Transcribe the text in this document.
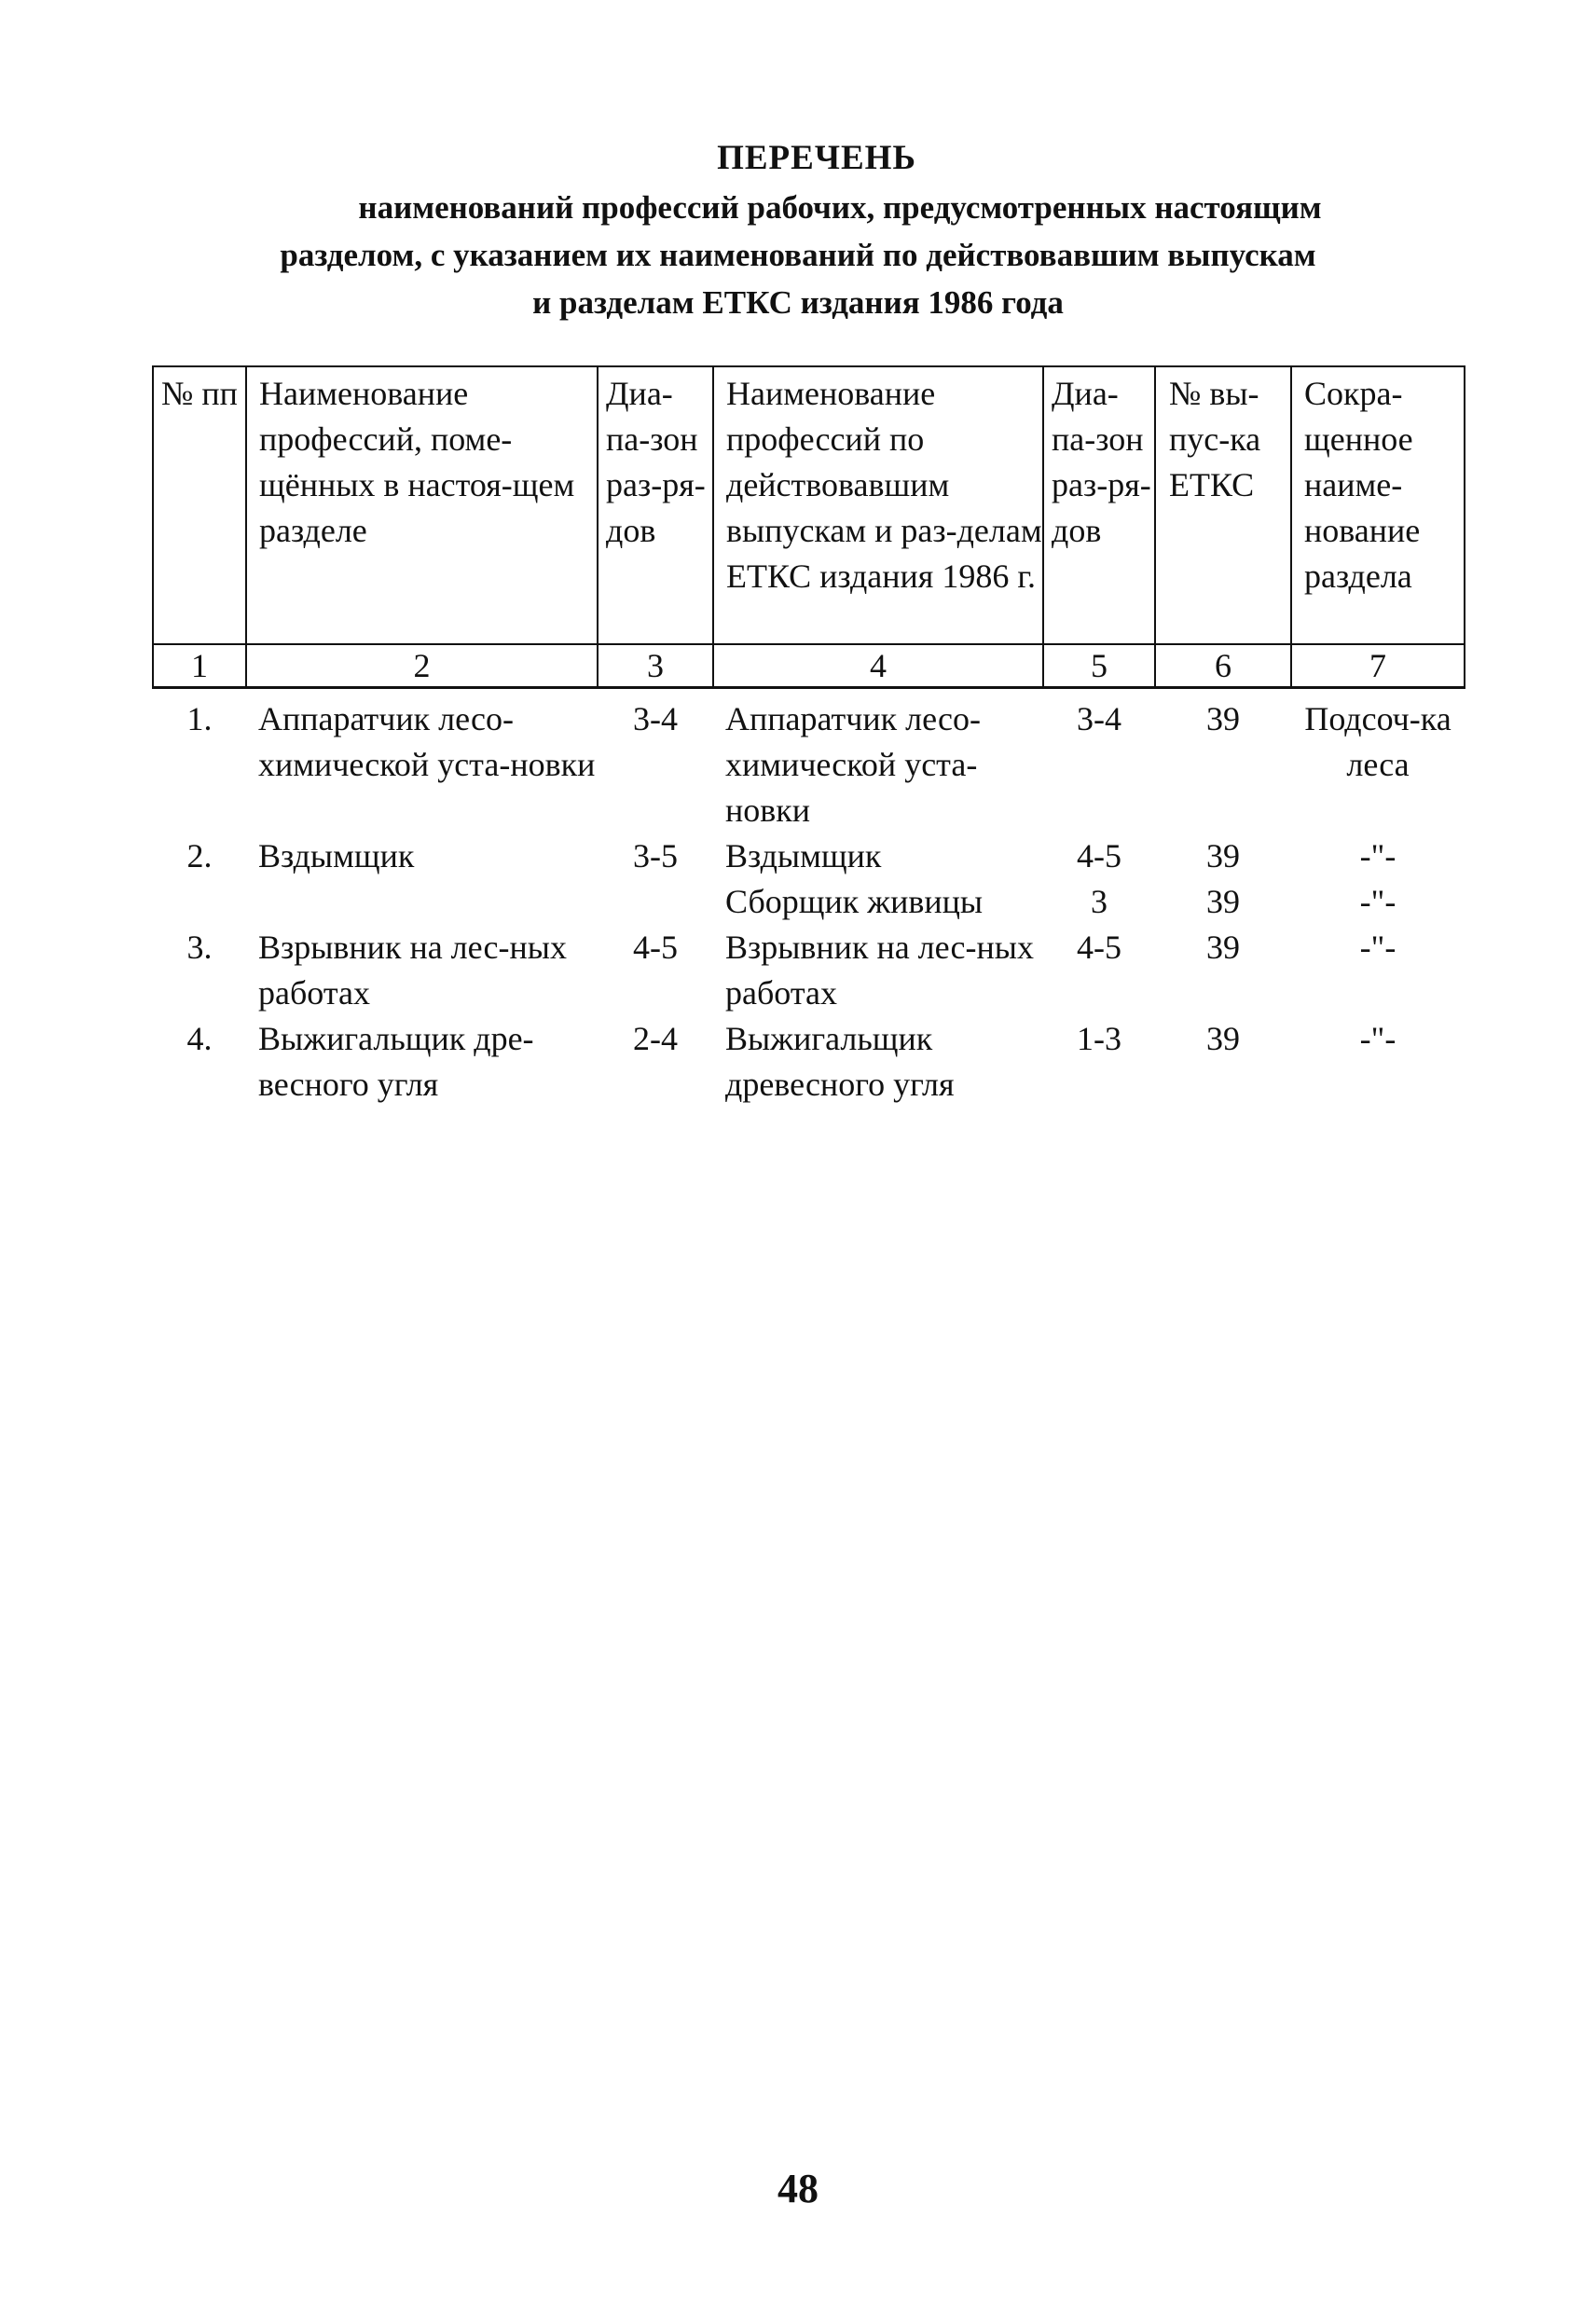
ПЕРЕЧЕНЬ
наименований профессий рабочих, предусмотренных настоящим
разделом, с указанием их наименований по действовавшим выпускам
и разделам ЕТКС издания 1986 года
№ пп	Наименование профессий, поме-щённых в настоя-щем разделе	Диа-па-зон раз-ря-дов	Наименование профессий по действовавшим выпускам и раз-делам ЕТКС издания 1986 г.	Диа-па-зон раз-ря-дов	№ вы-пус-ка ЕТКС	Сокра-щенное наиме-нование раздела
1	2	3	4	5	6	7
1.	Аппаратчик лесо-химической уста-новки	3-4	Аппаратчик лесо-химической уста-новки	3-4	39	Подсоч-ка леса
2.	Вздымщик	3-5	Вздымщик	4-5	39	-"-
			Сборщик живицы	3	39	-"-
3.	Взрывник на лес-ных работах	4-5	Взрывник на лес-ных работах	4-5	39	-"-
4.	Выжигальщик дре-весного угля	2-4	Выжигальщик древесного угля	1-3	39	-"-
48
